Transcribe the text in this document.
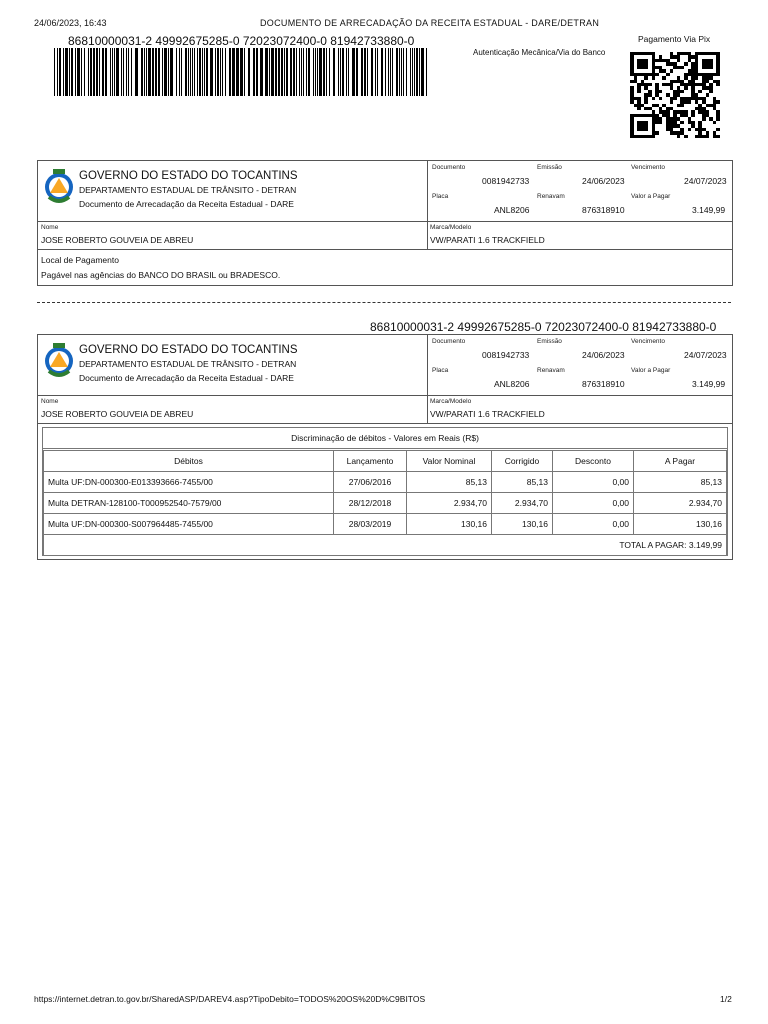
24/06/2023, 16:43	DOCUMENTO DE ARRECADAÇÃO DA RECEITA ESTADUAL - DARE/DETRAN
86810000031-2 49992675285-0 72023072400-0 81942733880-0
Autenticação Mecânica/Via do Banco
Pagamento Via Pix
GOVERNO DO ESTADO DO TOCANTINS
DEPARTAMENTO ESTADUAL DE TRÂNSITO - DETRAN
Documento de Arrecadação da Receita Estadual - DARE
Documento
0081942733
Emissão
24/06/2023
Vencimento
24/07/2023
Placa
ANL8206
Renavam
876318910
Valor a Pagar
3.149,99
Nome
JOSE ROBERTO GOUVEIA DE ABREU
Marca/Modelo
VW/PARATI 1.6 TRACKFIELD
Local de Pagamento
Pagável nas agências do BANCO DO BRASIL ou BRADESCO.
86810000031-2 49992675285-0 72023072400-0 81942733880-0
GOVERNO DO ESTADO DO TOCANTINS
DEPARTAMENTO ESTADUAL DE TRÂNSITO - DETRAN
Documento de Arrecadação da Receita Estadual - DARE
Documento
0081942733
Emissão
24/06/2023
Vencimento
24/07/2023
Placa
ANL8206
Renavam
876318910
Valor a Pagar
3.149,99
Nome
JOSE ROBERTO GOUVEIA DE ABREU
Marca/Modelo
VW/PARATI 1.6 TRACKFIELD
Discriminação de débitos - Valores em Reais (R$)
Débitos	Lançamento	Valor Nominal	Corrigido	Desconto	A Pagar
Multa UF:DN-000300-E013393666-7455/00	27/06/2016	85,13	85,13	0,00	85,13
Multa DETRAN-128100-T000952540-7579/00	28/12/2018	2.934,70	2.934,70	0,00	2.934,70
Multa UF:DN-000300-S007964485-7455/00	28/03/2019	130,16	130,16	0,00	130,16
TOTAL A PAGAR: 3.149,99					
https://internet.detran.to.gov.br/SharedASP/DAREV4.asp?TipoDebito=TODOS%20OS%20D%C9BITOS	1/2
